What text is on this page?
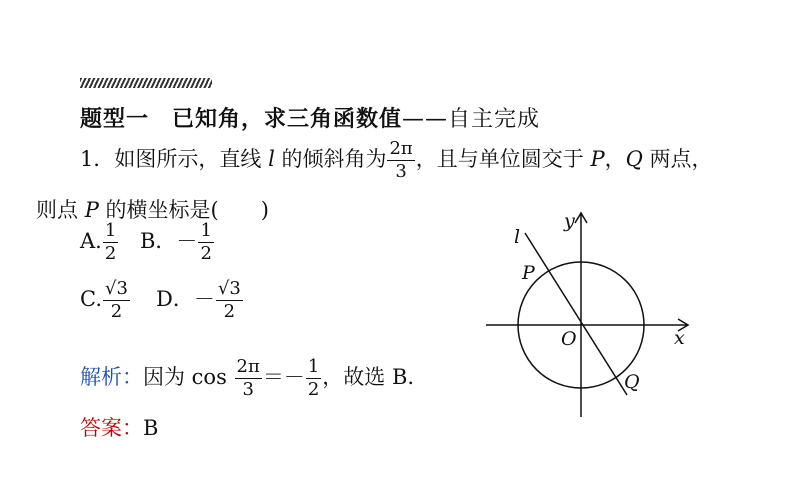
题型一　已知角，求三角函数值——自主完成
1．如图所示，直线 l 的倾斜角为 $\frac{2\pi}{3}$ ，且与单位圆交于 P，Q 两点，
则点 P 的横坐标是(　　)
A. $\frac{1}{2}$ B．－ $\frac{1}{2}$
C. $\frac{√3}{2}$ D．－ $\frac{√3}{2}$
解析：因为 $\cos \frac{2\pi}{3} =- \frac{1}{2}$ ，故选 B.
答案：B
l
y
x
P
O
Q
